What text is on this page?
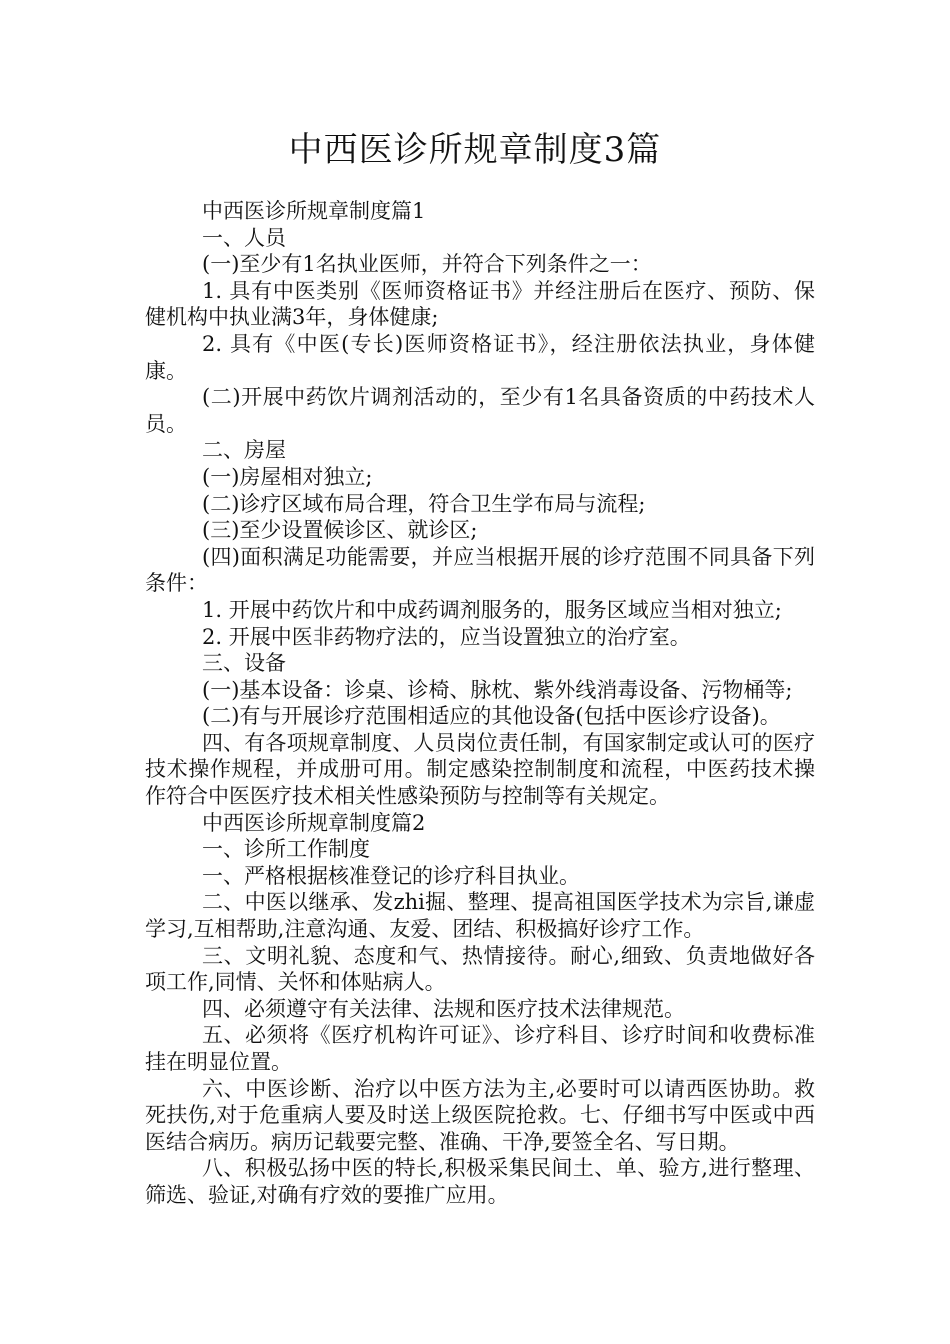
中西医诊所规章制度3篇

中西医诊所规章制度篇1

一、人员

(一)至少有1名执业医师，并符合下列条件之一：

1. 具有中医类别《医师资格证书》并经注册后在医疗、预防、保健机构中执业满3年，身体健康;

2. 具有《中医(专长)医师资格证书》，经注册依法执业，身体健康。

(二)开展中药饮片调剂活动的，至少有1名具备资质的中药技术人员。

二、房屋

(一)房屋相对独立;

(二)诊疗区域布局合理，符合卫生学布局与流程;

(三)至少设置候诊区、就诊区;

(四)面积满足功能需要，并应当根据开展的诊疗范围不同具备下列条件：

1. 开展中药饮片和中成药调剂服务的，服务区域应当相对独立;

2. 开展中医非药物疗法的，应当设置独立的治疗室。

三、设备

(一)基本设备：诊桌、诊椅、脉枕、紫外线消毒设备、污物桶等;

(二)有与开展诊疗范围相适应的其他设备(包括中医诊疗设备)。

四、有各项规章制度、人员岗位责任制，有国家制定或认可的医疗技术操作规程，并成册可用。制定感染控制制度和流程，中医药技术操作符合中医医疗技术相关性感染预防与控制等有关规定。

中西医诊所规章制度篇2

一、诊所工作制度

一、严格根据核准登记的诊疗科目执业。

二、中医以继承、发zhi掘、整理、提高祖国医学技术为宗旨,谦虚学习,互相帮助,注意沟通、友爱、团结、积极搞好诊疗工作。

三、文明礼貌、态度和气、热情接待。耐心,细致、负责地做好各项工作,同情、关怀和体贴病人。

四、必须遵守有关法律、法规和医疗技术法律规范。

五、必须将《医疗机构许可证》、诊疗科目、诊疗时间和收费标准挂在明显位置。

六、中医诊断、治疗以中医方法为主,必要时可以请西医协助。救死扶伤,对于危重病人要及时送上级医院抢救。七、仔细书写中医或中西医结合病历。病历记载要完整、准确、干净,要签全名、写日期。

八、积极弘扬中医的特长,积极采集民间土、单、验方,进行整理、筛选、验证,对确有疗效的要推广应用。
